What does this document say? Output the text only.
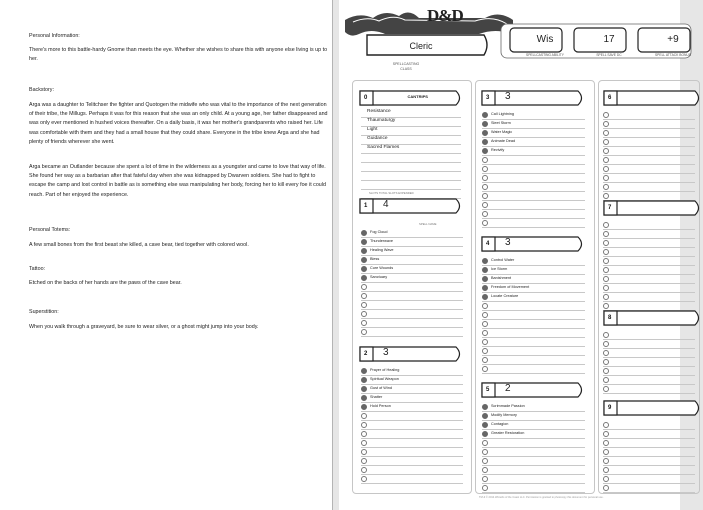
Personal Information:

There's more to this battle-hardy Gnome than meets the eye. Whether she wishes to share this with anyone else living is up to her.

Backstory:

Arga was a daughter to Telitchser the fighter and Quotogen the midwife who was vital to the importance of the next generation of their tribe, the Millugs. Perhaps it was for this reason that she was an only child. At a young age, her father disappeared and was only ever mentioned in hushed voices thereafter. On a daily basis, it was her mother's grandparents who raised her. Life was comfortable with them and they had a small house that they could share. Everyone in the tribe knew Arga and she had plenty of friends wherever she went.

Arga became an Outlander because she spent a lot of time in the wilderness as a youngster and came to love that way of life. She found her way as a barbarian after that fateful day when she was kidnapped by Dwarven soldiers. She had to fight to escape the camp and lost control in battle as is something else was manipulating her body, forcing her to kill every foe it could reach. Part of her enjoyed the experience.

Personal Totems:

A few small bones from the first beast she killed, a cave bear, tied together with colored wool.

Tattoo:

Etched on the backs of her hands are the paws of the cave bear.

Superstition:

When you walk through a graveyard, be sure to wear silver, or a ghost might jump into your body.

D&D
Cleric
SPELLCASTING CLASS
Wis
SPELLCASTING ABILITY
17
SPELL SAVE DC
+9
SPELL ATTACK BONUS
0	CANTRIPS
Resistance
Thaumaturgy
Light
Guidance
Sacred Flames
1 4
SLOTS TOTAL SLOTS EXPENDED
SPELL NAME
Fog Cloud
Thunderwave
Healing Wave
Bless
Cure Wounds
Sanctuary
2 3
Prayer of Healing
Spiritual Weapon
Gust of Wind
Shatter
Hold Person
3 3
Call Lightning
Sleet Storm
Water Magic
Animate Dead
Revivify
4 3
Control Water
Ice Storm
Banishment
Freedom of Movement
Locate Creature
5 2
Scrimmade Passion
Modify Memory
Contagion
Greater Restoration
6
7
8
9
TM & © 2014 Wizards of the Coast LLC. Permission is granted to photocopy this document for personal use.
